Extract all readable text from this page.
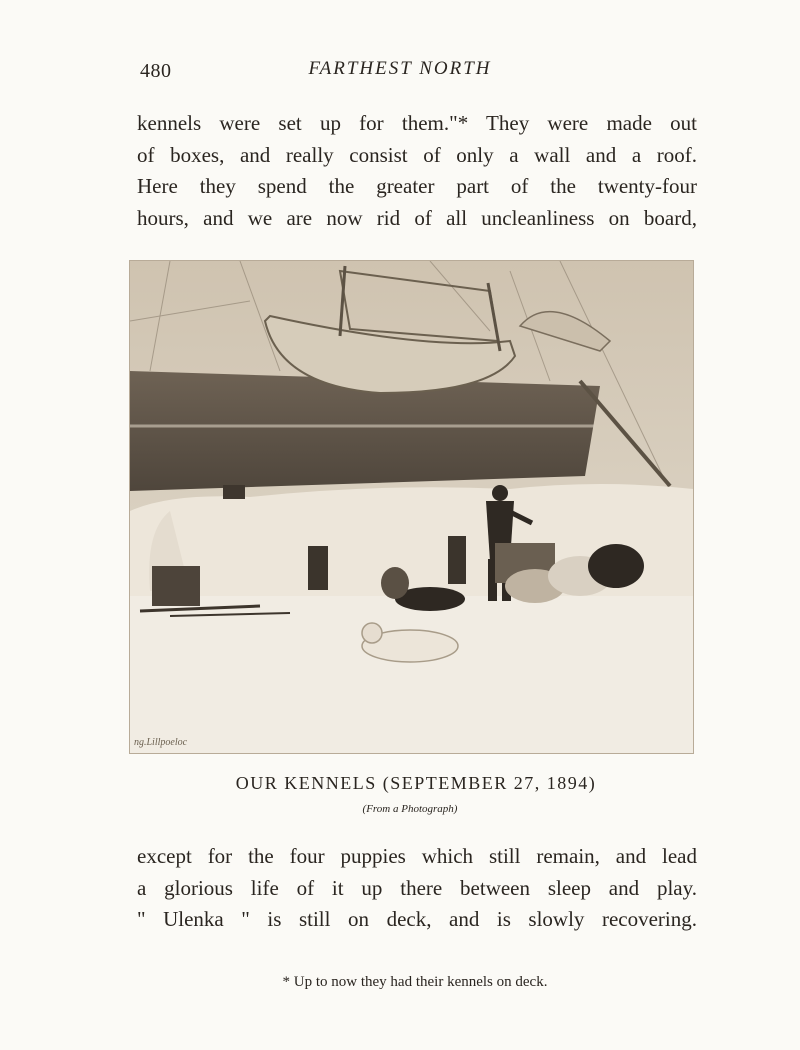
480	FARTHEST NORTH
kennels were set up for them."* They were made out
of boxes, and really consist of only a wall and a roof.
Here they spend the greater part of the twenty-four
hours, and we are now rid of all uncleanliness on board,
ng.Lillpoeloc
OUR KENNELS (SEPTEMBER 27, 1894)
(From a Photograph)
except for the four puppies which still remain, and lead
a glorious life of it up there between sleep and play.
" Ulenka " is still on deck, and is slowly recovering.
* Up to now they had their kennels on deck.
